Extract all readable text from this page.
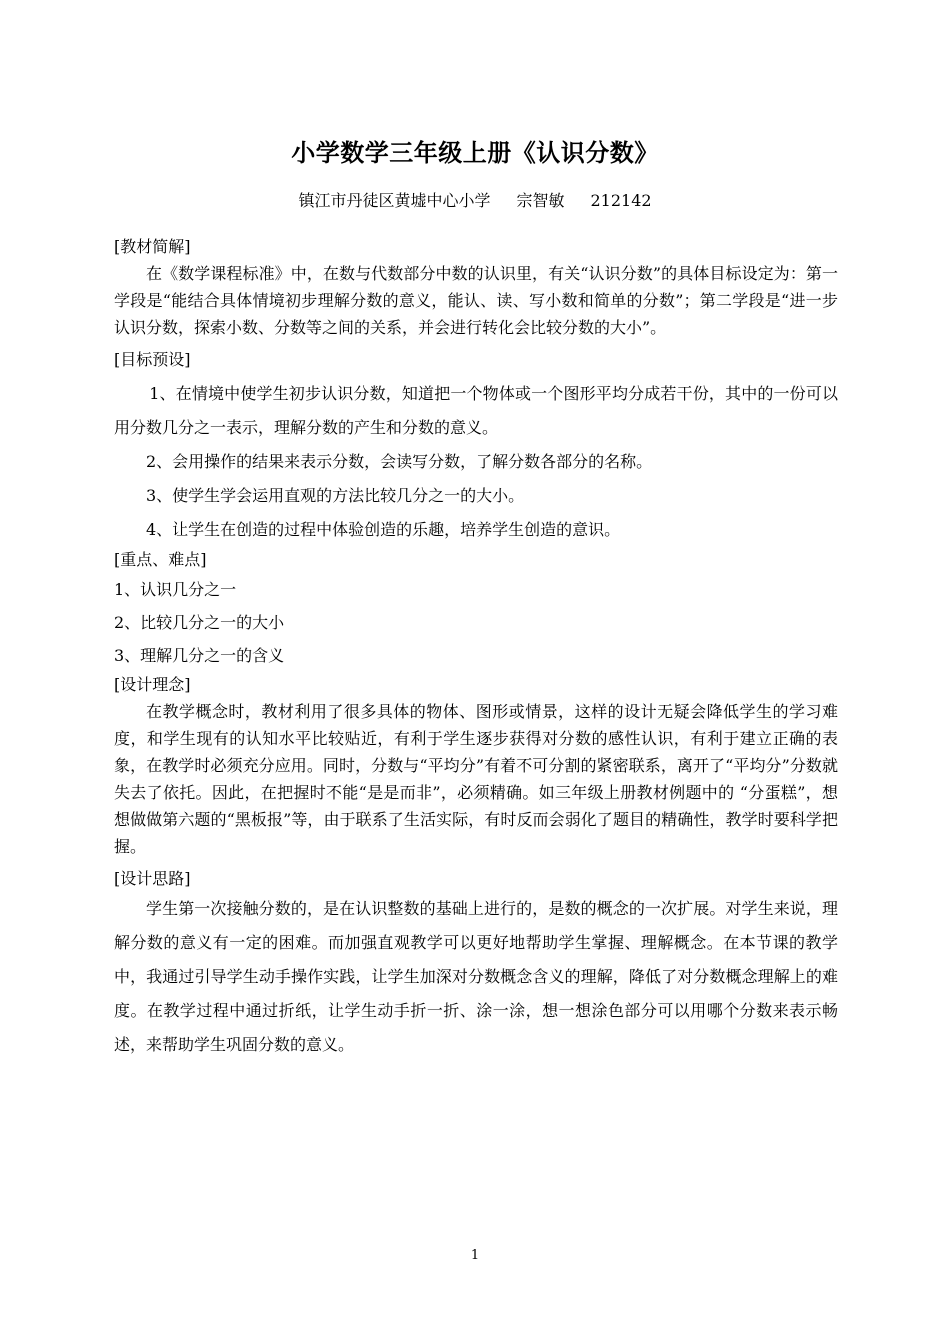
小学数学三年级上册《认识分数》
镇江市丹徒区黄墟中心小学 宗智敏 212142

[教材简解]

在《数学课程标准》中，在数与代数部分中数的认识里，有关“认识分数”的具体目标设定为：第一学段是“能结合具体情境初步理解分数的意义，能认、读、写小数和简单的分数”；第二学段是“进一步认识分数，探索小数、分数等之间的关系，并会进行转化会比较分数的大小”。

[目标预设]

1、在情境中使学生初步认识分数，知道把一个物体或一个图形平均分成若干份，其中的一份可以用分数几分之一表示，理解分数的产生和分数的意义。

2、会用操作的结果来表示分数，会读写分数，了解分数各部分的名称。

3、使学生学会运用直观的方法比较几分之一的大小。

4、让学生在创造的过程中体验创造的乐趣，培养学生创造的意识。

[重点、难点]

1、认识几分之一

2、比较几分之一的大小

3、理解几分之一的含义

[设计理念]

在教学概念时，教材利用了很多具体的物体、图形或情景，这样的设计无疑会降低学生的学习难度，和学生现有的认知水平比较贴近，有利于学生逐步获得对分数的感性认识，有利于建立正确的表象，在教学时必须充分应用。同时，分数与“平均分”有着不可分割的紧密联系，离开了“平均分”分数就失去了依托。因此，在把握时不能“是是而非”，必须精确。如三年级上册教材例题中的 “分蛋糕”，想想做做第六题的“黑板报”等，由于联系了生活实际，有时反而会弱化了题目的精确性，教学时要科学把握。

[设计思路]

学生第一次接触分数的，是在认识整数的基础上进行的，是数的概念的一次扩展。对学生来说，理解分数的意义有一定的困难。而加强直观教学可以更好地帮助学生掌握、理解概念。在本节课的教学中，我通过引导学生动手操作实践，让学生加深对分数概念含义的理解，降低了对分数概念理解上的难度。在教学过程中通过折纸，让学生动手折一折、涂一涂，想一想涂色部分可以用哪个分数来表示畅述，来帮助学生巩固分数的意义。

1
